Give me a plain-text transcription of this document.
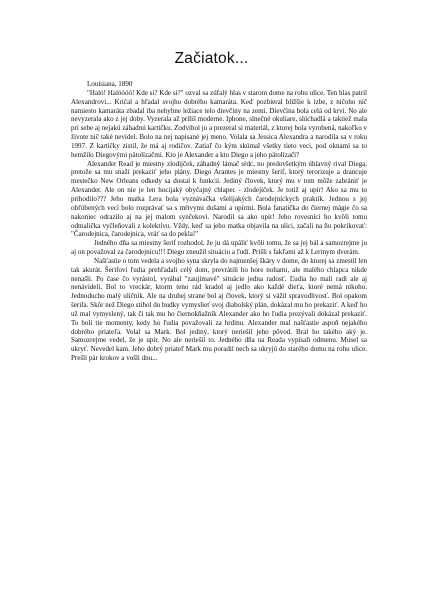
Začiatok...

Louisiana, 1890

"Haló! Halóóóó! Kde si? Kde si?" ozval sa zúfalý hlas v starom dome na rohu ulice. Ten hlas patril Alexandrovi... Kričal a hľadal svojho dobrého kamaráta. Keď pozbieral bližšie k izbe, z ničoho nič namiesto kamaráta zbadal iba nehybne ležiace telo dievčiny na zemi. Dievčina bola celá od krvi. No ale nevyzerala ako z jej doby. Vyzerala až príliš moderne. Iphone, slnečné okuliare, slúchadlá a taktiež mala pri sebe aj nejakú záhadnú kartičku. Zodvihol ju a prezeral si materiál, z ktorej bola vyrobená, nakoľko v živote nič také nevidel. Bolo na nej napísané jej meno. Volala sa Jessica Alexandra a narodila sa v roku 1997. Z kartičky zistil, že má aj rodičov. Zatiaľ čo kým skúmal všetky tieto veci, pod oknami sa to hemžilo Diegovými pätolízačmi. Kto je Alexander a kto Diego a jeho pätolízači?

Alexander Read je miestny zlodijček, záhadný lámač sŕdc, no predovšetkým úhlavný rival Diega, pretože sa mu snaží prekaziť jeho plány. Diego Arantes je miestny šerif, ktorý terorizuje a drancuje mestečko New Orleans odkedy sa dostal k funkcii. Jediný človek, ktorý mu v tom môže zabrániť je Alexander. Ale on nie je len hocijaký obyčajný chlapec - zlodejíček. Je totiž aj upír! Ako sa mu to prihodilo??? Jeho matka Lera bola vyznávačka všelijakých čarodejníckych praktík. Jednou s jej obľúbených vecí bolo rozprávať sa s mŕtvymi dušami a upírmi. Bola fanatička do čiernej mágie čo sa nakoniec odrazilo aj na jej malom synčekovi. Narodil sa ako upír! Jeho rovesníci ho kvôli tomu odmalička vyčleňovali z kolektívu. Vždy, keď sa jeho matka objavila na ulici, začali na ňu pokrikovať: "Čarodejnica, čarodejnica, vráť sa do pekla!"

Jedného dňa sa miestny šerif rozhodol, že ju dá upáliť kvôli tomu, že sa jej bál a samozrejme ju aj on považoval za čarodejnicu!!! Diego zneužil situáciu a ľudí. Prišli s fakľami až k Lerinym dverám.

Našťastie o tom vedela a svojho syna skryla do najmenšej škáry v dome, do ktorej sa zmestil len tak akurát. Šerifovi ľudia prehľadali celý dom, prevrátili ho hore nohami, ale malého chlapca nikde nenašli. Po čase čo vyrástol, vyrábal "zaujímavé" situácie jedna radosť. Ľudia ho mali radi ale aj nenávideli. Bol to vreckár, ktorm teno rád kradol aj jedlo ako každé dieťa, ktoré nemá nikoho. Jednoducho malý uličník. Ale na druhej strane bol aj človek, ktorý si vážil spravodlivosť. Bol opakom šerifa. Skôr než Diego stihol do budky vymyslieť svoj diabolský plán, dokázal mu ho prekaziť. A keď ho už mal vymyslený, tak či tak mu ho čiernokňažník Alexander ako ho ľudia prezývali dokázal prekaziť. To bolí tie momenty, kedy ho ľudia považovali za hrdinu. Alexander mal našťastie aspoň nejakého dobrého priateľa. Volal sa Mark. Bol jediný, ktorý neriešil jeho pôvod. Bral ho takého aký je. Samozrejme vedel, že je upír. No ale neriešil to. Jedného dňa na Reada vypísali odmenu. Musel sa ukryť. Nevedel kam. Jeho dobrý priateľ Mark mu poradil nech sa ukryjú do starého domu na rohu ulice. Prešli pár krokov a vošli dnu...
